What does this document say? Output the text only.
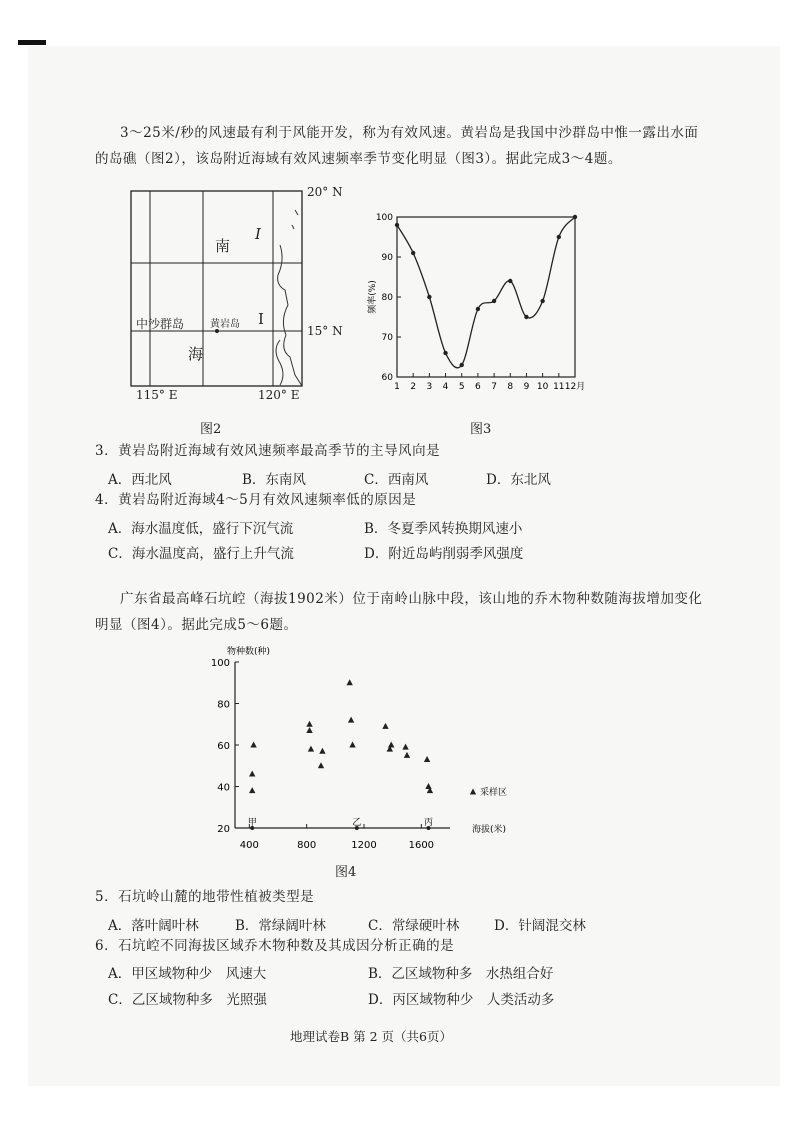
3～25米/秒的风速最有利于风能开发，称为有效风速。黄岩岛是我国中沙群岛中惟一露出水面
的岛礁（图2），该岛附近海域有效风速频率季节变化明显（图3）。据此完成3～4题。
南
Ⅰ
Ⅰ
中沙群岛	黄岩岛
海
20° N
15° N
115° E	120° E
图2
100
90
80
70
60
1 2 3 4 5 6 7 8 9 10 11 12月
频率(%)
图3
3．黄岩岛附近海域有效风速频率最高季节的主导风向是
A．西北风	B．东南风	C．西南风	D．东北风
4．黄岩岛附近海域4～5月有效风速频率低的原因是
A．海水温度低，盛行下沉气流	B．冬夏季风转换期风速小
C．海水温度高，盛行上升气流	D．附近岛屿削弱季风强度
广东省最高峰石坑崆（海拔1902米）位于南岭山脉中段，该山地的乔木物种数随海拔增加变化
明显（图4）。据此完成5～6题。
物种数(种)
100
80
60
40
20
400	800	1200	1600
海拔(米)
甲	乙	丙
采样区
图4
5．石坑岭山麓的地带性植被类型是
A．落叶阔叶林	B．常绿阔叶林	C．常绿硬叶林	D．针阔混交林
6．石坑崆不同海拔区域乔木物种数及其成因分析正确的是
A．甲区域物种少　风速大	B．乙区域物种多　水热组合好
C．乙区域物种多　光照强	D．丙区域物种少　人类活动多
地理试卷B 第 2 页（共6页）
